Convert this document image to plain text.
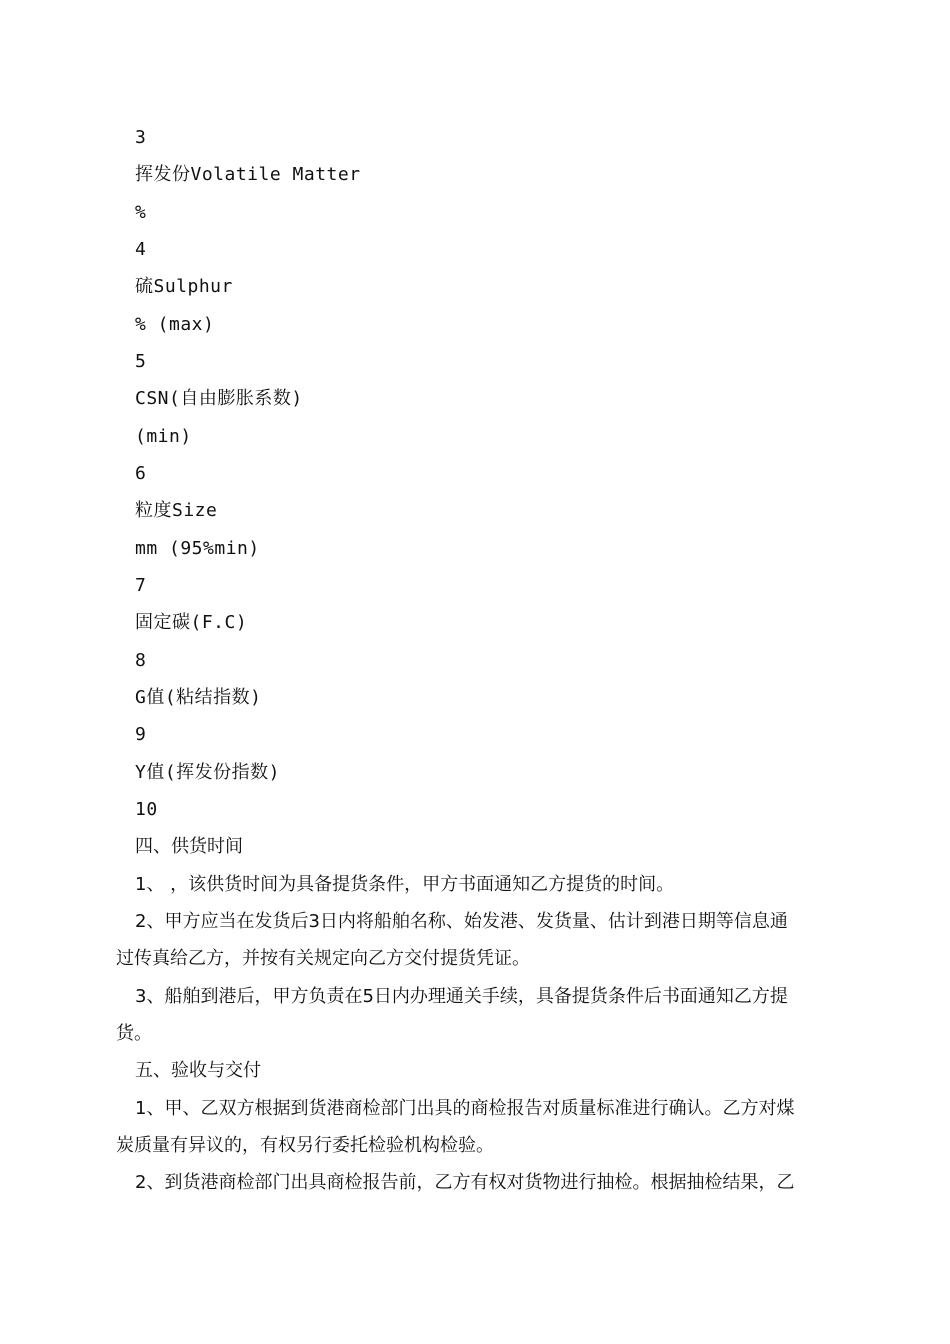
3
挥发份Volatile Matter
%
4
硫Sulphur
% (max)
5
CSN(自由膨胀系数)
(min)
6
粒度Size
mm (95%min)
7
固定碳(F.C)
8
G值(粘结指数)
9
Y值(挥发份指数)
10
四、供货时间
1、 ，该供货时间为具备提货条件，甲方书面通知乙方提货的时间。
2、甲方应当在发货后3日内将船舶名称、始发港、发货量、估计到港日期等信息通
过传真给乙方，并按有关规定向乙方交付提货凭证。
3、船舶到港后，甲方负责在5日内办理通关手续，具备提货条件后书面通知乙方提
货。
五、验收与交付
1、甲、乙双方根据到货港商检部门出具的商检报告对质量标准进行确认。乙方对煤
炭质量有异议的，有权另行委托检验机构检验。
2、到货港商检部门出具商检报告前，乙方有权对货物进行抽检。根据抽检结果，乙
